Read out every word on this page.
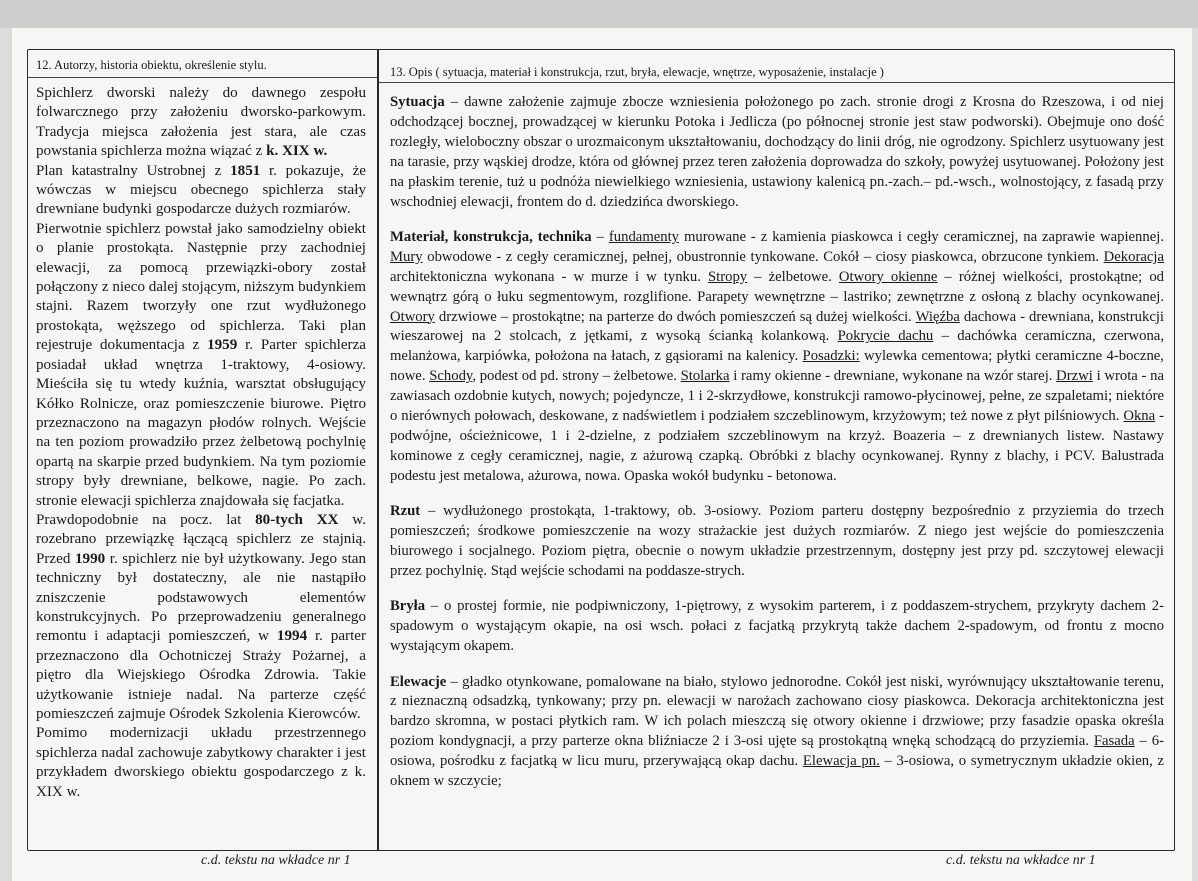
12. Autorzy, historia obiektu, określenie stylu.

Spichlerz dworski należy do dawnego zespołu folwarcznego przy założeniu dworsko-parkowym. Tradycja miejsca założenia jest stara, ale czas powstania spichlerza można wiązać z k. XIX w.

Plan katastralny Ustrobnej z 1851 r. pokazuje, że wówczas w miejscu obecnego spichlerza stały drewniane budynki gospodarcze dużych rozmiarów.

Pierwotnie spichlerz powstał jako samodzielny obiekt o planie prostokąta. Następnie przy zachodniej elewacji, za pomocą przewiązki-obory został połączony z nieco dalej stojącym, niższym budynkiem stajni. Razem tworzyły one rzut wydłużonego prostokąta, węższego od spichlerza. Taki plan rejestruje dokumentacja z 1959 r. Parter spichlerza posiadał układ wnętrza 1-traktowy, 4-osiowy. Mieściła się tu wtedy kuźnia, warsztat obsługujący Kółko Rolnicze, oraz pomieszczenie biurowe. Piętro przeznaczono na magazyn płodów rolnych. Wejście na ten poziom prowadziło przez żelbetową pochylnię opartą na skarpie przed budynkiem. Na tym poziomie stropy były drewniane, belkowe, nagie. Po zach. stronie elewacji spichlerza znajdowała się facjatka.

Prawdopodobnie na pocz. lat 80-tych XX w. rozebrano przewiązkę łączącą spichlerz ze stajnią. Przed 1990 r. spichlerz nie był użytkowany. Jego stan techniczny był dostateczny, ale nie nastąpiło zniszczenie podstawowych elementów konstrukcyjnych. Po przeprowadzeniu generalnego remontu i adaptacji pomieszczeń, w 1994 r. parter przeznaczono dla Ochotniczej Straży Pożarnej, a piętro dla Wiejskiego Ośrodka Zdrowia. Takie użytkowanie istnieje nadal. Na parterze część pomieszczeń zajmuje Ośrodek Szkolenia Kierowców.

Pomimo modernizacji układu przestrzennego spichlerza nadal zachowuje zabytkowy charakter i jest przykładem dworskiego obiektu gospodarczego z k. XIX w.

13. Opis ( sytuacja, materiał i konstrukcja, rzut, bryła, elewacje, wnętrze, wyposażenie, instalacje )

Sytuacja – dawne założenie zajmuje zbocze wzniesienia położonego po zach. stronie drogi z Krosna do Rzeszowa, i od niej odchodzącej bocznej, prowadzącej w kierunku Potoka i Jedlicza (po północnej stronie jest staw podworski). Obejmuje ono dość rozległy, wieloboczny obszar o urozmaiconym ukształtowaniu, dochodzący do linii dróg, nie ogrodzony. Spichlerz usytuowany jest na tarasie, przy wąskiej drodze, która od głównej przez teren założenia doprowadza do szkoły, powyżej usytuowanej. Położony jest na płaskim terenie, tuż u podnóża niewielkiego wzniesienia, ustawiony kalenicą pn.-zach.– pd.-wsch., wolnostojący, z fasadą przy wschodniej elewacji, frontem do d. dziedzińca dworskiego.

Materiał, konstrukcja, technika – fundamenty murowane - z kamienia piaskowca i cegły ceramicznej, na zaprawie wapiennej. Mury obwodowe - z cegły ceramicznej, pełnej, obustronnie tynkowane. Cokół – ciosy piaskowca, obrzucone tynkiem. Dekoracja architektoniczna wykonana - w murze i w tynku. Stropy – żelbetowe. Otwory okienne – różnej wielkości, prostokątne; od wewnątrz górą o łuku segmentowym, rozglifione. Parapety wewnętrzne – lastriko; zewnętrzne z osłoną z blachy ocynkowanej. Otwory drzwiowe – prostokątne; na parterze do dwóch pomieszczeń są dużej wielkości. Więźba dachowa - drewniana, konstrukcji wieszarowej na 2 stolcach, z jętkami, z wysoką ścianką kolankową. Pokrycie dachu – dachówka ceramiczna, czerwona, melanżowa, karpiówka, położona na łatach, z gąsiorami na kalenicy. Posadzki: wylewka cementowa; płytki ceramiczne 4-boczne, nowe. Schody, podest od pd. strony – żelbetowe. Stolarka i ramy okienne - drewniane, wykonane na wzór starej. Drzwi i wrota - na zawiasach ozdobnie kutych, nowych; pojedyncze, 1 i 2-skrzydłowe, konstrukcji ramowo-płycinowej, pełne, ze szpaletami; niektóre o nierównych połowach, deskowane, z nadświetlem i podziałem szczeblinowym, krzyżowym; też nowe z płyt pilśniowych. Okna - podwójne, ościeżnicowe, 1 i 2-dzielne, z podziałem szczeblinowym na krzyż. Boazeria – z drewnianych listew. Nastawy kominowe z cegły ceramicznej, nagie, z ażurową czapką. Obróbki z blachy ocynkowanej. Rynny z blachy, i PCV. Balustrada podestu jest metalowa, ażurowa, nowa. Opaska wokół budynku - betonowa.

Rzut – wydłużonego prostokąta, 1-traktowy, ob. 3-osiowy. Poziom parteru dostępny bezpośrednio z przyziemia do trzech pomieszczeń; środkowe pomieszczenie na wozy strażackie jest dużych rozmiarów. Z niego jest wejście do pomieszczenia biurowego i socjalnego. Poziom piętra, obecnie o nowym układzie przestrzennym, dostępny jest przy pd. szczytowej elewacji przez pochylnię. Stąd wejście schodami na poddasze-strych.

Bryła – o prostej formie, nie podpiwniczony, 1-piętrowy, z wysokim parterem, i z poddaszem-strychem, przykryty dachem 2-spadowym o wystającym okapie, na osi wsch. połaci z facjatką przykrytą także dachem 2-spadowym, od frontu z mocno wystającym okapem.

Elewacje – gładko otynkowane, pomalowane na biało, stylowo jednorodne. Cokół jest niski, wyrównujący ukształtowanie terenu, z nieznaczną odsadzką, tynkowany; przy pn. elewacji w narożach zachowano ciosy piaskowca. Dekoracja architektoniczna jest bardzo skromna, w postaci płytkich ram. W ich polach mieszczą się otwory okienne i drzwiowe; przy fasadzie opaska określa poziom kondygnacji, a przy parterze okna bliźniacze 2 i 3-osi ujęte są prostokątną wnęką schodzącą do przyziemia. Fasada – 6-osiowa, pośrodku z facjatką w licu muru, przerywającą okap dachu. Elewacja pn. – 3-osiowa, o symetrycznym układzie okien, z oknem w szczycie;

c.d. tekstu na wkładce nr 1	c.d. tekstu na wkładce nr 1
